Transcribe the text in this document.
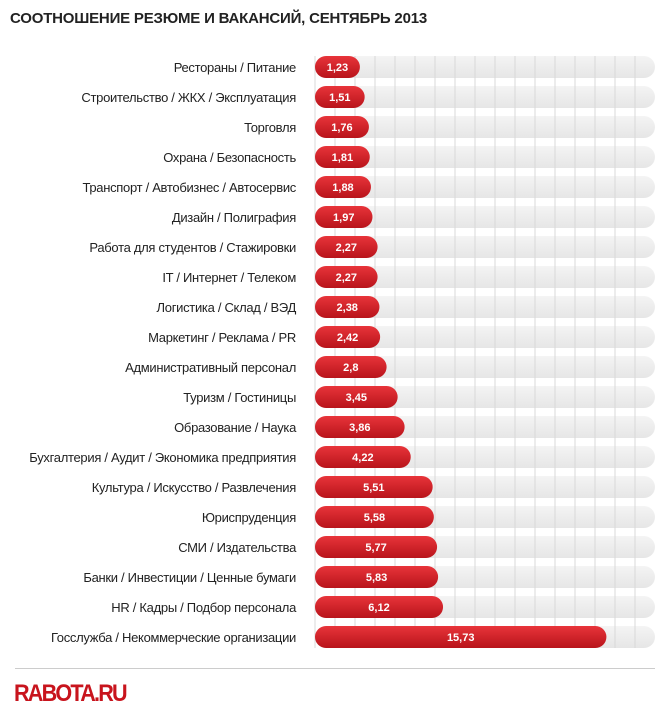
СООТНОШЕНИЕ РЕЗЮМЕ И ВАКАНСИЙ, СЕНТЯБРЬ 2013
1,23
Рестораны / Питание
1,51
Строительство / ЖКХ / Эксплуатация
1,76
Торговля
1,81
Охрана / Безопасность
1,88
Транспорт / Автобизнес / Автосервис
1,97
Дизайн / Полиграфия
2,27
Работа для студентов / Стажировки
2,27
IT / Интернет / Телеком
2,38
Логистика / Склад / ВЭД
2,42
Маркетинг / Реклама / PR
2,8
Административный персонал
3,45
Туризм / Гостиницы
3,86
Образование / Наука
4,22
Бухгалтерия / Аудит / Экономика предприятия
5,51
Культура / Искусство / Развлечения
5,58
Юриспруденция
5,77
СМИ / Издательства
5,83
Банки / Инвестиции / Ценные бумаги
6,12
HR / Кадры / Подбор персонала
15,73
Госслужба / Некоммерческие организации
RABOTA.RU
